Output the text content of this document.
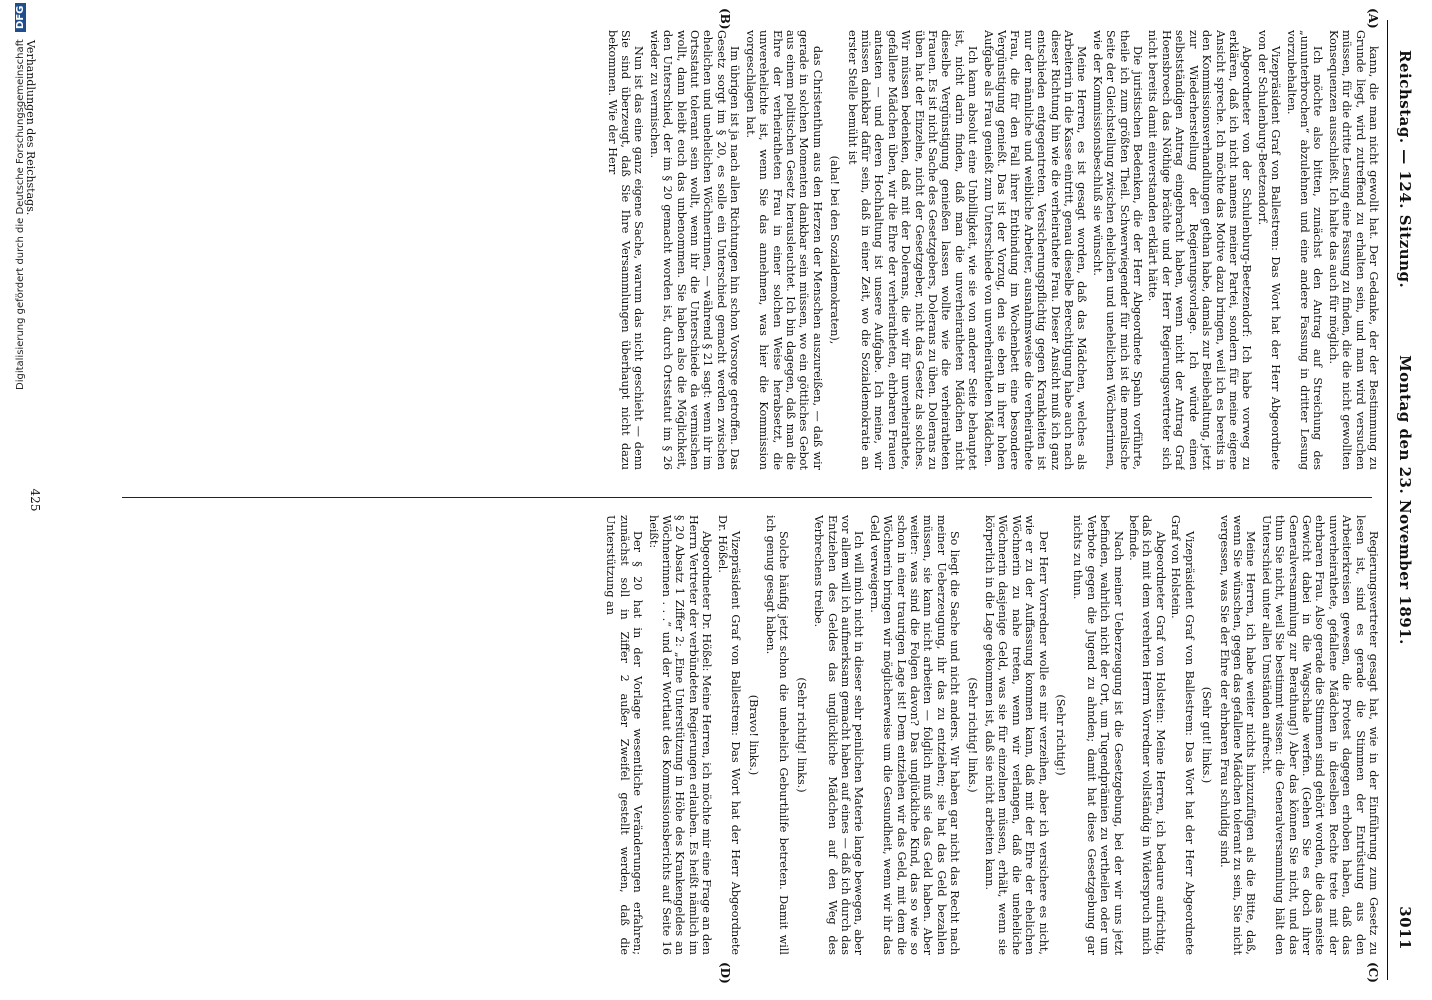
Reichstag. — 124. Sitzung.
Montag den 23. November 1891.
3011
(A)
(B)
(C)
(D)

kann, die man nicht gewollt hat. Der Gedanke, der der Bestimmung zu Grunde liegt, wird zutreffend zu erhalten sein, und man wird versuchen müssen, für die dritte Lesung eine Fassung zu finden, die die nicht gewollten Konsequenzen ausschließt. Ich halte das auch für möglich.

Ich möchte also bitten, zunächst den Antrag auf Streichung des „ununterbrochen“ abzulehnen und eine andere Fassung in dritter Lesung vorzubehalten.

Vizepräsident Graf von Ballestrem: Das Wort hat der Herr Abgeordnete von der Schulenburg-Beetzendorf.

Abgeordneter von der Schulenburg-Beetzendorf: Ich habe vorweg zu erklären, daß ich nicht namens meiner Partei, sondern für meine eigene Ansicht spreche. Ich möchte das Motive dazu bringen, weil ich es bereits in den Kommissionsverhandlungen gethan habe, damals zur Beibehaltung, jetzt zur Wiederherstellung der Regierungsvorlage. Ich würde einen selbstständigen Antrag eingebracht haben, wenn nicht der Antrag Graf Hoensbroech das Nöthige brächte und der Herr Regierungsvertreter sich nicht bereits damit einverstanden erklärt hätte.

Die juristischen Bedenken, die der Herr Abgeordnete Spahn vorführte, theile ich zum größten Theil. Schwerwiegender für mich ist die moralische Seite der Gleichstellung zwischen ehelichen und unehelichen Wöchnerinnen, wie der Kommissionsbeschluß sie wünscht.

Meine Herren, es ist gesagt worden, daß das Mädchen, welches als Arbeiterin in die Kasse eintritt, genau dieselbe Berechtigung habe auch nach dieser Richtung hin wie die verheirathete Frau. Dieser Ansicht muß ich ganz entschieden entgegentreten. Versicherungspflichtig gegen Krankheiten ist nur der männliche und weibliche Arbeiter, ausnahmsweise die verheirathete Frau, die für den Fall ihrer Entbindung im Wochenbett eine besondere Vergünstigung genießt. Das ist der Vorzug, den sie eben in ihrer hohen Aufgabe als Frau genießt zum Unterschiede von unverheiratheten Mädchen.

Ich kann absolut eine Unbilligkeit, wie sie von anderer Seite behauptet ist, nicht darin finden, daß man die unverheiratheten Mädchen nicht dieselbe Vergünstigung genießen lassen wollte wie die verheiratheten Frauen. Es ist nicht Sache des Gesetzgebers, Dolerans zu üben. Dolerans zu üben hat der Einzelne, nicht der Gesetzgeber, nicht das Gesetz als solches. Wir müssen bedenken, daß mit der Dolerans, die wir für unverheirathete, gefallene Mädchen üben, wir die Ehre der verheiratheten, ehrbaren Frauen antasten — und deren Hochhaltung ist unsere Aufgabe. Ich meine, wir müssen dankbar dafür sein, daß in einer Zeit, wo die Sozialdemokratie an erster Stelle bemüht ist

(aha! bei den Sozialdemokraten),

das Christenthum aus den Herzen der Menschen auszureißen, — daß wir gerade in solchen Momenten dankbar sein müssen, wo ein göttliches Gebot aus einem politischen Gesetz herausleuchtet. Ich bin dagegen, daß man die Ehre der verheiratheten Frau in einer solchen Weise herabsetzt, die unverehelichte ist, wenn Sie das annehmen, was hier die Kommission vorgeschlagen hat.

Im übrigen ist ja nach allen Richtungen hin schon Vorsorge getroffen. Das Gesetz sorgt im § 20, es solle ein Unterschied gemacht werden zwischen ehelichen und unehelichen Wöchnerinnen, — während § 21 sagt: wenn ihr im Ortsstatut tolerant sein wollt, wenn ihr die Unterschiede da vermischen wollt, dann bleibt euch das unbenommen. Sie haben also die Möglichkeit, den Unterschied, der im § 20 gemacht worden ist, durch Ortsstatut im § 26 wieder zu vermischen.

Nun ist das eine ganz eigene Sache, warum das nicht geschieht — denn Sie sind überzeugt, daß Sie Ihre Versammlungen überhaupt nicht dazu bekommen. Wie der Herr

Regierungsvertreter gesagt hat, wie in der Einführung zum Gesetz zu lesen ist, sind es gerade die Stimmen der Entrüstung aus den Arbeiterkreisen gewesen, die Protest dagegen erhoben haben, daß das unverheirathete, gefallene Mädchen in dieselben Rechte trete mit der ehrbaren Frau. Also gerade die Stimmen sind gehört worden, die das meiste Gewicht dabei in die Wagschale werfen. (Gehen Sie es doch ihrer Generalversammlung zur Berathung!) Aber das können Sie nicht, und das thun Sie nicht, weil Sie bestimmt wissen: die Generalversammlung hält den Unterschied unter allen Umständen aufrecht.

Meine Herren, ich habe weiter nichts hinzuzufügen als die Bitte, daß, wenn Sie wünschen, gegen das gefallene Mädchen tolerant zu sein, Sie nicht vergessen, was Sie der Ehre der ehrbaren Frau schuldig sind.

(Sehr gut! links.)

Vizepräsident Graf von Ballestrem: Das Wort hat der Herr Abgeordnete Graf von Holstein.

Abgeordneter Graf von Holstein: Meine Herren, ich bedaure aufrichtig, daß ich mit dem verehrten Herrn Vorredner vollständig in Widerspruch mich befinde.

Nach meiner Ueberzeugung ist die Gesetzgebung, bei der wir uns jetzt befinden, wahrlich nicht der Ort, um Tugendprämien zu vertheilen oder um Verbote gegen die Jugend zu ahnden; damit hat diese Gesetzgebung gar nichts zu thun.

(Sehr richtig!)

Der Herr Vorredner wolle es mir verzeihen, aber ich versichere es nicht, wie er zu der Auffassung kommen kann, daß mit der Ehre der ehelichen Wöchnerin zu nahe treten, wenn wir verlangen, daß die uneheliche Wöchnerin dasjenige Geld, was sie für einzelnen müssen, erhält, wenn sie körperlich in die Lage gekommen ist, daß sie nicht arbeiten kann.

(Sehr richtig! links.)

So liegt die Sache und nicht anders. Wir haben gar nicht das Recht nach meiner Ueberzeugung, ihr das zu entziehen; sie hat das Geld bezahlen müssen, sie kann nicht arbeiten — folglich muß sie das Geld haben. Aber weiter: was sind die Folgen davon? Das unglückliche Kind, das so wie so schon in einer traurigen Lage ist! Dem entziehen wir das Geld, mit dem die Wöchnerin bringen wir möglicherweise um die Gesundheit, wenn wir ihr das Geld verweigern.

Ich will mich nicht in dieser sehr peinlichen Materie lange bewegen, aber vor allem will ich aufmerksam gemacht haben auf eines — daß ich durch das Entziehen des Geldes das unglückliche Mädchen auf den Weg des Verbrechens treibe.

(Sehr richtig! links.)

Solche häufig jetzt schon die unehelich Geburthilfe betreten. Damit will ich genug gesagt haben.

(Bravo! links.)

Vizepräsident Graf von Ballestrem: Das Wort hat der Herr Abgeordnete Dr. Hößel.

Abgeordneter Dr. Hößel: Meine Herren, ich möchte mir eine Frage an den Herrn Vertreter der verbündeten Regierungen erlauben. Es heißt nämlich im § 20 Absatz 1 Ziffer 2: „Eine Unterstützung in Höhe des Krankengeldes an Wöchnerinnen . . .“ und der Wortlaut des Kommissionsberichts auf Seite 16 heißt:

Der § 20 hat in der Vorlage wesentliche Veränderungen erfahren; zunächst soll in Ziffer 2 außer Zweifel gestellt werden, daß die Unterstützung an

Verhandlungen des Reichstags.
425
Digitalisierung gefördert durch die Deutsche Forschungsgemeinschaft DFG
